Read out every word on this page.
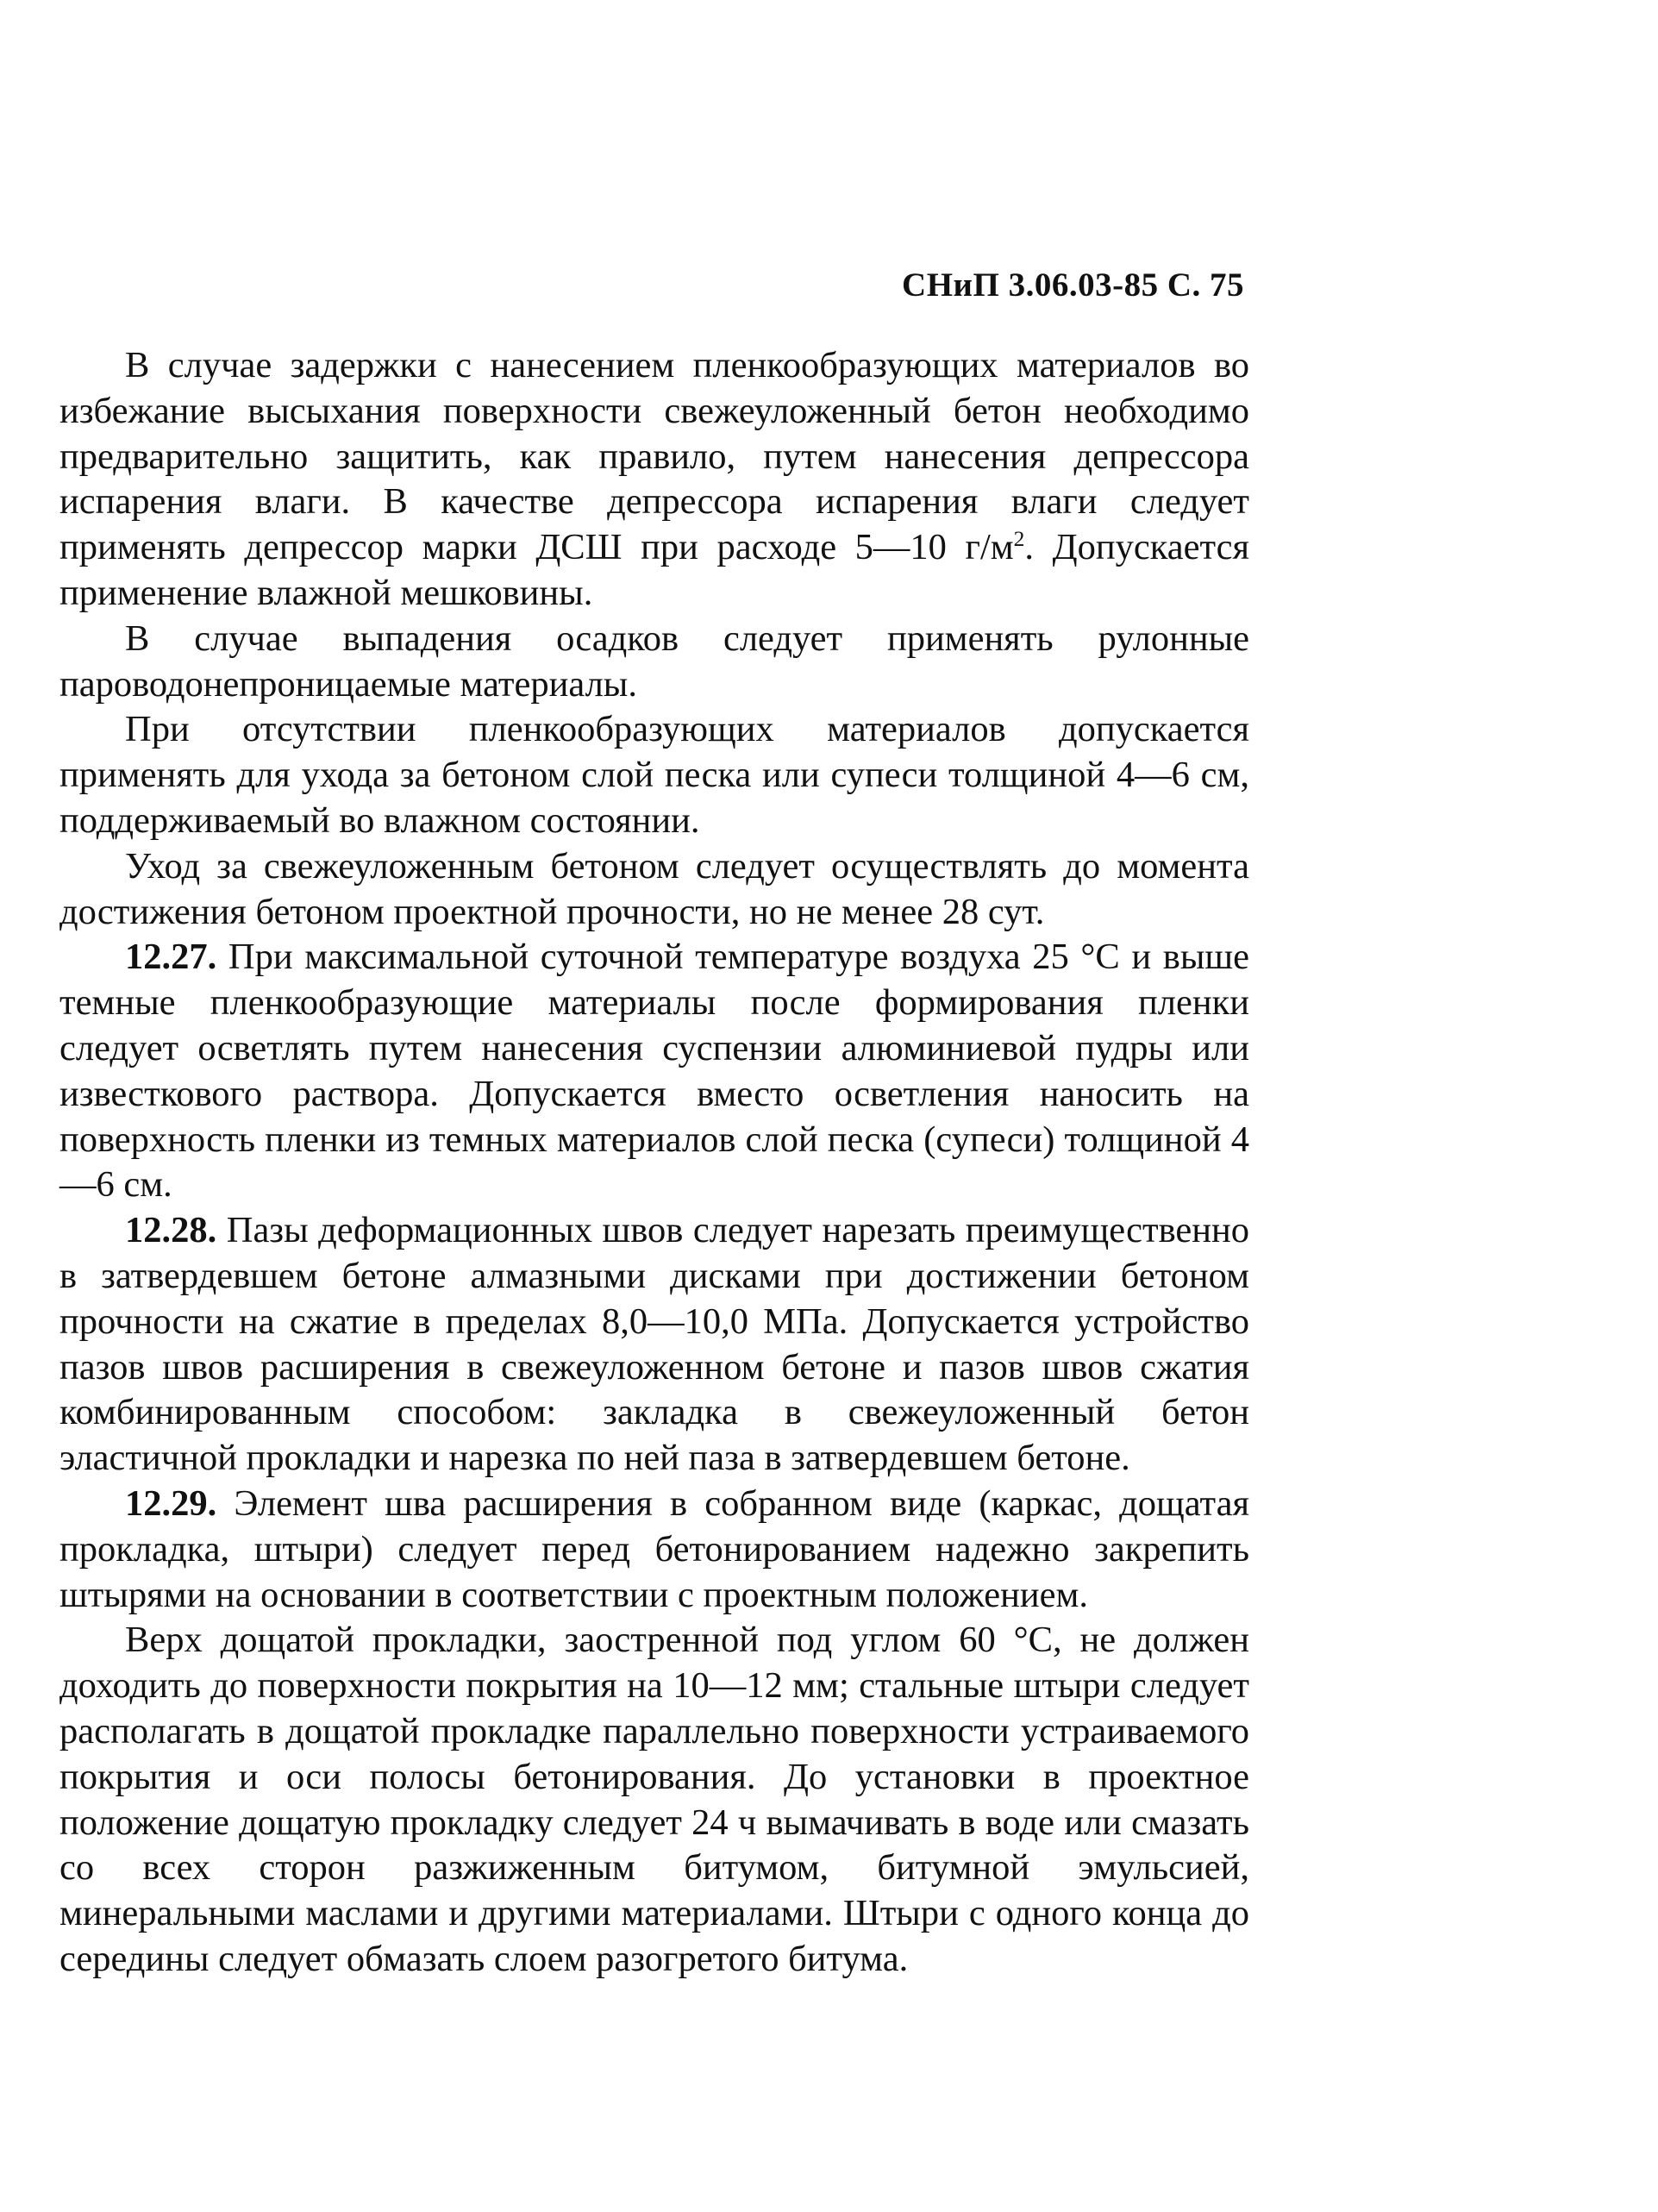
СНиП 3.06.03-85 С. 75

В случае задержки с нанесением пленкообразующих материалов во избежание высыхания поверхности свежеуложенный бетон необходимо предварительно защитить, как правило, путем нанесения депрессора испарения влаги. В качестве депрессора испарения влаги следует применять депрессор марки ДСШ при расходе 5—10 $г/м^2$. Допускается применение влажной мешковины.

В случае выпадения осадков следует применять рулонные пароводонепроницаемые материалы.

При отсутствии пленкообразующих материалов допускается применять для ухода за бетоном слой песка или супеси толщиной 4—6 см, поддерживаемый во влажном состоянии.

Уход за свежеуложенным бетоном следует осуществлять до момента достижения бетоном проектной прочности, но не менее 28 сут.

12.27. При максимальной суточной температуре воздуха 25 °С и выше темные пленкообразующие материалы после формирования пленки следует осветлять путем нанесения суспензии алюминиевой пудры или известкового раствора. Допускается вместо осветления наносить на поверхность пленки из темных материалов слой песка (супеси) толщиной 4—6 см.

12.28. Пазы деформационных швов следует нарезать преимущественно в затвердевшем бетоне алмазными дисками при достижении бетоном прочности на сжатие в пределах 8,0—10,0 МПа. Допускается устройство пазов швов расширения в свежеуложенном бетоне и пазов швов сжатия комбинированным способом: закладка в свежеуложенный бетон эластичной прокладки и нарезка по ней паза в затвердевшем бетоне.

12.29. Элемент шва расширения в собранном виде (каркас, дощатая прокладка, штыри) следует перед бетонированием надежно закрепить штырями на основании в соответствии с проектным положением.

Верх дощатой прокладки, заостренной под углом 60 °С, не должен доходить до поверхности покрытия на 10—12 мм; стальные штыри следует располагать в дощатой прокладке параллельно поверхности устраиваемого покрытия и оси полосы бетонирования. До установки в проектное положение дощатую прокладку следует 24 ч вымачивать в воде или смазать со всех сторон разжиженным битумом, битумной эмульсией, минеральными маслами и другими материалами. Штыри с одного конца до середины следует обмазать слоем разогретого битума.
